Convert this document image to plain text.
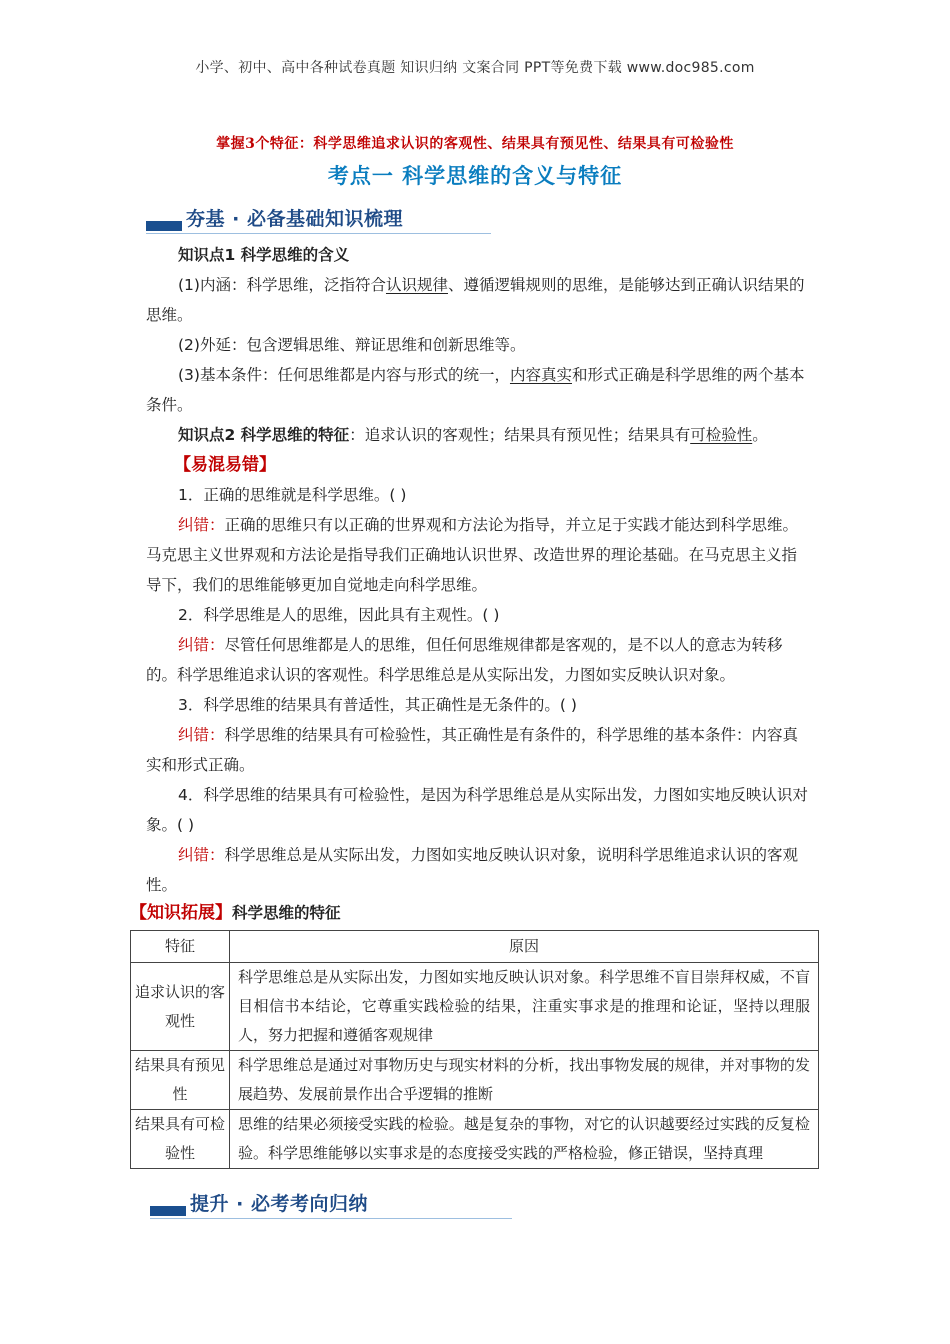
小学、初中、高中各种试卷真题 知识归纳 文案合同 PPT等免费下载 www.doc985.com
掌握3个特征：科学思维追求认识的客观性、结果具有预见性、结果具有可检验性
考点一 科学思维的含义与特征
夯基 · 必备基础知识梳理

知识点1 科学思维的含义

(1)内涵：科学思维，泛指符合认识规律、遵循逻辑规则的思维，是能够达到正确认识结果的思维。

(2)外延：包含逻辑思维、辩证思维和创新思维等。

(3)基本条件：任何思维都是内容与形式的统一，内容真实和形式正确是科学思维的两个基本条件。

知识点2 科学思维的特征：追求认识的客观性；结果具有预见性；结果具有可检验性。

【易混易错】

1．正确的思维就是科学思维。( )

纠错：正确的思维只有以正确的世界观和方法论为指导，并立足于实践才能达到科学思维。马克思主义世界观和方法论是指导我们正确地认识世界、改造世界的理论基础。在马克思主义指导下，我们的思维能够更加自觉地走向科学思维。

2．科学思维是人的思维，因此具有主观性。( )

纠错：尽管任何思维都是人的思维，但任何思维规律都是客观的，是不以人的意志为转移的。科学思维追求认识的客观性。科学思维总是从实际出发，力图如实反映认识对象。

3．科学思维的结果具有普适性，其正确性是无条件的。( )

纠错：科学思维的结果具有可检验性，其正确性是有条件的，科学思维的基本条件：内容真实和形式正确。

4．科学思维的结果具有可检验性，是因为科学思维总是从实际出发，力图如实地反映认识对象。( )

纠错：科学思维总是从实际出发，力图如实地反映认识对象，说明科学思维追求认识的客观性。

【知识拓展】科学思维的特征
特征	原因
追求认识的客观性	科学思维总是从实际出发，力图如实地反映认识对象。科学思维不盲目崇拜权威，不盲目相信书本结论，它尊重实践检验的结果，注重实事求是的推理和论证，坚持以理服人，努力把握和遵循客观规律
结果具有预见性	科学思维总是通过对事物历史与现实材料的分析，找出事物发展的规律，并对事物的发展趋势、发展前景作出合乎逻辑的推断
结果具有可检验性	思维的结果必须接受实践的检验。越是复杂的事物，对它的认识越要经过实践的反复检验。科学思维能够以实事求是的态度接受实践的严格检验，修正错误，坚持真理
提升 · 必考考向归纳
